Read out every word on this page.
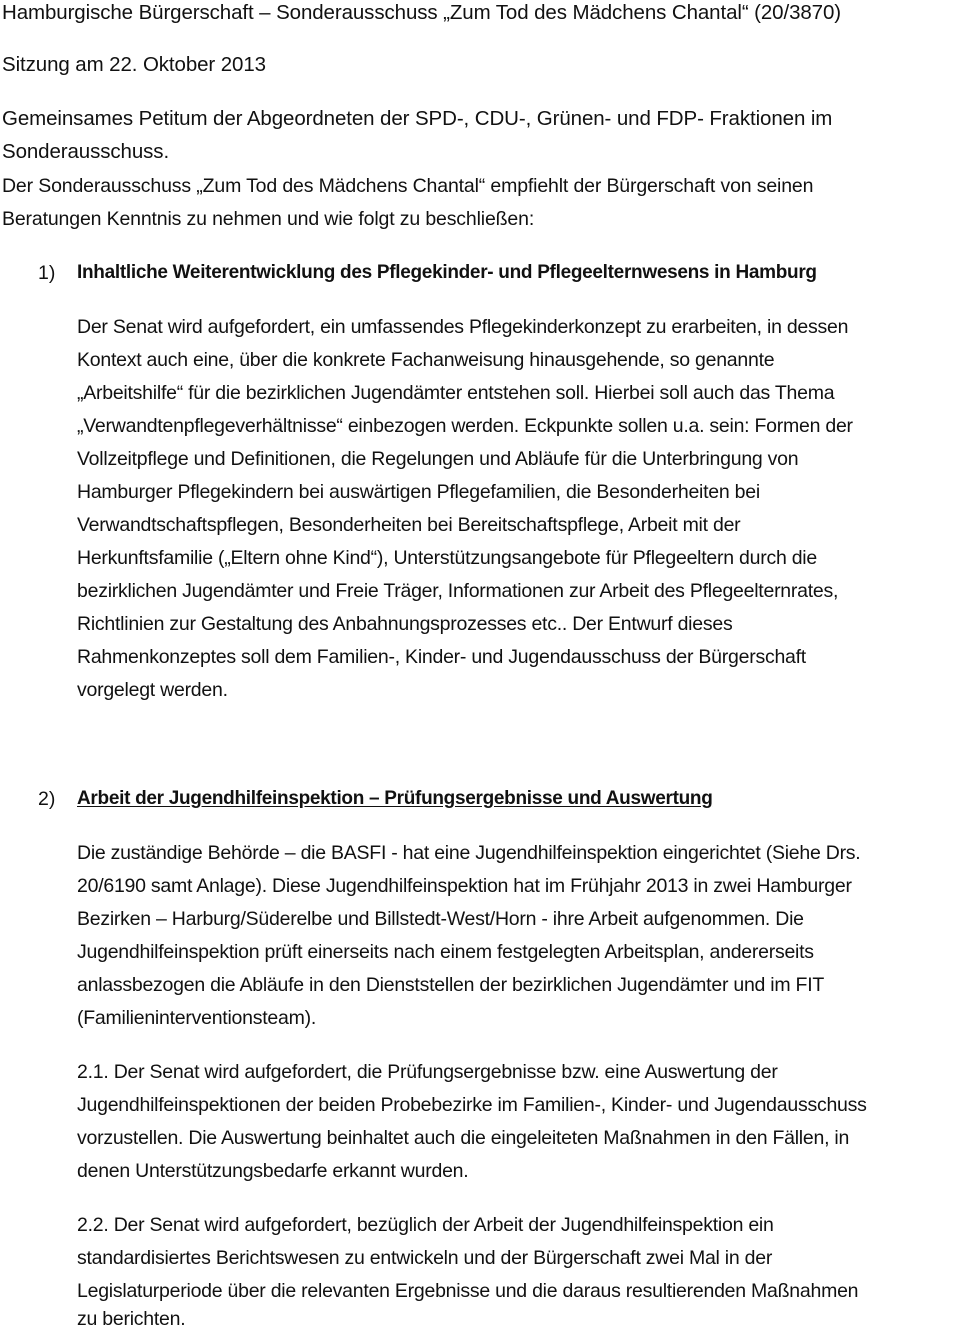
Hamburgische Bürgerschaft – Sonderausschuss „Zum Tod des Mädchens Chantal“ (20/3870)
Sitzung am 22. Oktober 2013
Gemeinsames Petitum der Abgeordneten der SPD-, CDU-, Grünen- und FDP- Fraktionen im
Sonderausschuss.
Der Sonderausschuss „Zum Tod des Mädchens Chantal“ empfiehlt der Bürgerschaft von seinen
Beratungen Kenntnis zu nehmen und wie folgt zu beschließen:
1) Inhaltliche Weiterentwicklung des Pflegekinder- und Pflegeelternwesens in Hamburg
Der Senat wird aufgefordert, ein umfassendes Pflegekinderkonzept zu erarbeiten, in dessen
Kontext auch eine, über die konkrete Fachanweisung hinausgehende, so genannte
„Arbeitshilfe“ für die bezirklichen Jugendämter entstehen soll. Hierbei soll auch das Thema
„Verwandtenpflegeverhältnisse“ einbezogen werden. Eckpunkte sollen u.a. sein: Formen der
Vollzeitpflege und Definitionen, die Regelungen und Abläufe für die Unterbringung von
Hamburger Pflegekindern bei auswärtigen Pflegefamilien, die Besonderheiten bei
Verwandtschaftspflegen, Besonderheiten bei Bereitschaftspflege, Arbeit mit der
Herkunftsfamilie („Eltern ohne Kind“), Unterstützungsangebote für Pflegeeltern durch die
bezirklichen Jugendämter und Freie Träger, Informationen zur Arbeit des Pflegeelternrates,
Richtlinien zur Gestaltung des Anbahnungsprozesses etc.. Der Entwurf dieses
Rahmenkonzeptes soll dem Familien-, Kinder- und Jugendausschuss der Bürgerschaft
vorgelegt werden.
2) Arbeit der Jugendhilfeinspektion – Prüfungsergebnisse und Auswertung
Die zuständige Behörde – die BASFI - hat eine Jugendhilfeinspektion eingerichtet (Siehe Drs.
20/6190 samt Anlage). Diese Jugendhilfeinspektion hat im Frühjahr 2013 in zwei Hamburger
Bezirken – Harburg/Süderelbe und Billstedt-West/Horn - ihre Arbeit aufgenommen. Die
Jugendhilfeinspektion prüft einerseits nach einem festgelegten Arbeitsplan, andererseits
anlassbezogen die Abläufe in den Dienststellen der bezirklichen Jugendämter und im FIT
(Familieninterventionsteam).
2.1. Der Senat wird aufgefordert, die Prüfungsergebnisse bzw. eine Auswertung der
Jugendhilfeinspektionen der beiden Probebezirke im Familien-, Kinder- und Jugendausschuss
vorzustellen. Die Auswertung beinhaltet auch die eingeleiteten Maßnahmen in den Fällen, in
denen Unterstützungsbedarfe erkannt wurden.
2.2. Der Senat wird aufgefordert, bezüglich der Arbeit der Jugendhilfeinspektion ein
standardisiertes Berichtswesen zu entwickeln und der Bürgerschaft zwei Mal in der
Legislaturperiode über die relevanten Ergebnisse und die daraus resultierenden Maßnahmen
zu berichten.
